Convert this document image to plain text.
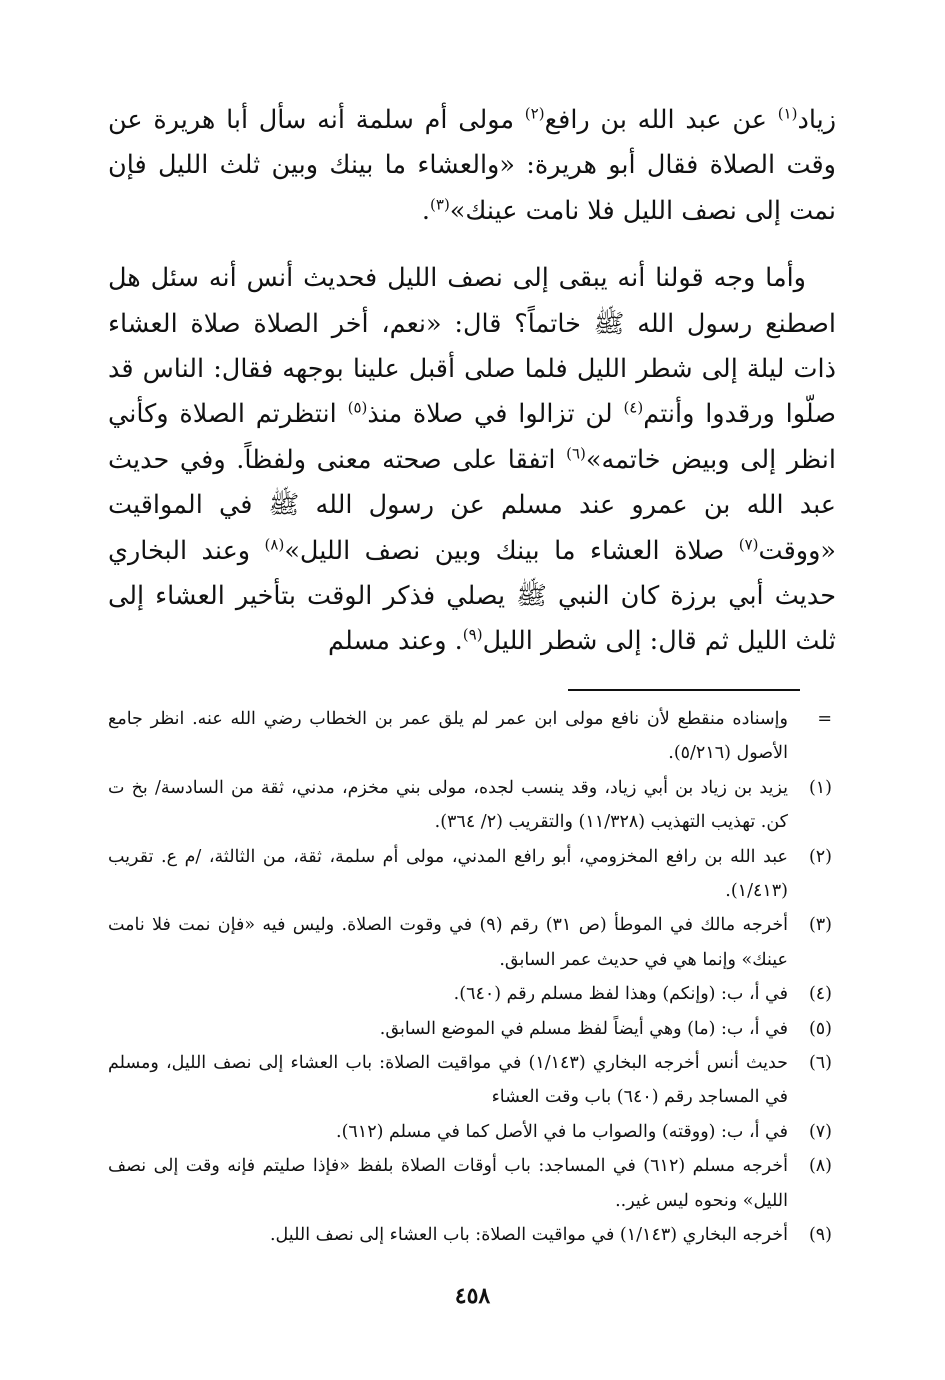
زياد$^{(١)}$ عن عبد الله بن رافع$^{(٢)}$ مولى أم سلمة أنه سأل أبا هريرة عن وقت الصلاة فقال أبو هريرة: «والعشاء ما بينك وبين ثلث الليل فإن نمت إلى نصف الليل فلا نامت عينك»$^{(٣)}$.

وأما وجه قولنا أنه يبقى إلى نصف الليل فحديث أنس أنه سئل هل اصطنع رسول الله ﷺ خاتماً؟ قال: «نعم، أخر الصلاة صلاة العشاء ذات ليلة إلى شطر الليل فلما صلى أقبل علينا بوجهه فقال: الناس قد صلّوا ورقدوا وأنتم$^{(٤)}$ لن تزالوا في صلاة منذ$^{(٥)}$ انتظرتم الصلاة وكأني انظر إلى وبيض خاتمه»$^{(٦)}$ اتفقا على صحته معنى ولفظاً. وفي حديث عبد الله بن عمرو عند مسلم عن رسول الله ﷺ في المواقيت «ووقت$^{(٧)}$ صلاة العشاء ما بينك وبين نصف الليل»$^{(٨)}$ وعند البخاري حديث أبي برزة كان النبي ﷺ يصلي فذكر الوقت بتأخير العشاء إلى ثلث الليل ثم قال: إلى شطر الليل$^{(٩)}$. وعند مسلم

=
وإسناده منقطع لأن نافع مولى ابن عمر لم يلق عمر بن الخطاب رضي الله عنه. انظر جامع الأصول (٥/٢١٦).
(١)
يزيد بن زياد بن أبي زياد، وقد ينسب لجده، مولى بني مخزم، مدني، ثقة من السادسة/ بخ ت كن. تهذيب التهذيب (١١/٣٢٨) والتقريب (٢/ ٣٦٤).
(٢)
عبد الله بن رافع المخزومي، أبو رافع المدني، مولى أم سلمة، ثقة، من الثالثة، /م ع. تقريب (١/٤١٣).
(٣)
أخرجه مالك في الموطأ (ص ٣١) رقم (٩) في وقوت الصلاة. وليس فيه «فإن نمت فلا نامت عينك» وإنما هي في حديث عمر السابق.
(٤)
في أ، ب: (وإنكم) وهذا لفظ مسلم رقم (٦٤٠).
(٥)
في أ، ب: (ما) وهي أيضاً لفظ مسلم في الموضع السابق.
(٦)
حديث أنس أخرجه البخاري (١/١٤٣) في مواقيت الصلاة: باب العشاء إلى نصف الليل، ومسلم في المساجد رقم (٦٤٠) باب وقت العشاء
(٧)
في أ، ب: (ووقته) والصواب ما في الأصل كما في مسلم (٦١٢).
(٨)
أخرجه مسلم (٦١٢) في المساجد: باب أوقات الصلاة بلفظ «فإذا صليتم فإنه وقت إلى نصف الليل» ونحوه ليس غير..
(٩)
أخرجه البخاري (١/١٤٣) في مواقيت الصلاة: باب العشاء إلى نصف الليل.
٤٥٨
